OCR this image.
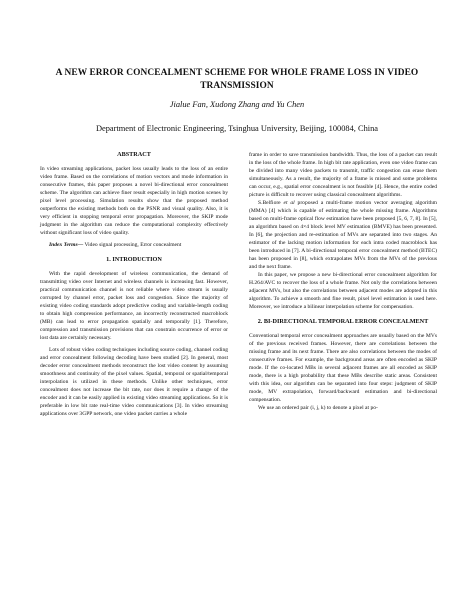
A NEW ERROR CONCEALMENT SCHEME FOR WHOLE FRAME LOSS IN VIDEO TRANSMISSION
Jialue Fan, Xudong Zhang and Yu Chen
Department of Electronic Engineering, Tsinghua University, Beijing, 100084, China
ABSTRACT

In video streaming applications, packet loss usually leads to the loss of an entire video frame. Based on the correlations of motion vectors and mode information in consecutive frames, this paper proposes a novel bi-directional error concealment scheme. The algorithm can achieve finer result especially in high motion scenes by pixel level processing. Simulation results show that the proposed method outperforms the existing methods both on the PSNR and visual quality. Also, it is very efficient in stopping temporal error propagation. Moreover, the SKIP mode judgment in the algorithm can reduce the computational complexity effectively without significant loss of video quality.

Index Terms— Video signal processing, Error concealment

1. INTRODUCTION

With the rapid development of wireless communication, the demand of transmitting video over Internet and wireless channels is increasing fast. However, practical communication channel is not reliable where video stream is usually corrupted by channel error, packet loss and congestion. Since the majority of existing video coding standards adopt predictive coding and variable-length coding to obtain high compression performance, an incorrectly reconstructed macroblock (MB) can lead to error propagation spatially and temporally [1]. Therefore, compression and transmission provisions that can constrain occurrence of error or lost data are certainly necessary.

Lots of robust video coding techniques including source coding, channel coding and error concealment following decoding have been studied [2]. In general, most decoder error concealment methods reconstruct the lost video content by assuming smoothness and continuity of the pixel values. Spatial, temporal or spatial/temporal interpolation is utilized in these methods. Unlike other techniques, error concealment does not increase the bit rate, nor does it require a change of the encoder and it can be easily applied in existing video streaming applications. So it is preferable in low bit rate real-time video communications [3]. In video streaming applications over 3GPP network, one video packet carries a whole

frame in order to save transmission bandwidth. Thus, the loss of a packet can result in the loss of the whole frame. In high bit rate application, even one video frame can be divided into many video packets to transmit, traffic congestion can erase them simultaneously. As a result, the majority of a frame is missed and some problems can occur, e.g., spatial error concealment is not feasible [4]. Hence, the entire coded picture is difficult to recover using classical concealment algorithms.

S.Belfiore et al proposed a multi-frame motion vector averaging algorithm (MMA) [4] which is capable of estimating the whole missing frame. Algorithms based on multi-frame optical flow estimation have been proposed [5, 6, 7, 8]. In [5], an algorithm based on 4×4 block level MV estimation (BMVE) has been presented. In [6], the projection and re-estimation of MVs are separated into two stages. An estimator of the lacking motion information for each intra coded macroblock has been introduced in [7]. A bi-directional temporal error concealment method (BTEC) has been proposed in [8], which extrapolates MVs from the MVs of the previous and the next frame.

In this paper, we propose a new bi-directional error concealment algorithm for H.264/AVC to recover the loss of a whole frame. Not only the correlations between adjacent MVs, but also the correlations between adjacent modes are adopted in this algorithm. To achieve a smooth and fine result, pixel level estimation is used here. Moreover, we introduce a bilinear interpolation scheme for compensation.

2. BI-DIRECTIONAL TEMPORAL ERROR CONCEALMENT

Conventional temporal error concealment approaches are usually based on the MVs of the previous received frames. However, there are correlations between the missing frame and its next frame. There are also correlations between the modes of consecutive frames. For example, the background areas are often encoded as SKIP mode. If the co-located MBs in several adjacent frames are all encoded as SKIP mode, there is a high probability that these MBs describe static areas. Consistent with this idea, our algorithm can be separated into four steps: judgment of SKIP mode, MV extrapolation, forward/backward estimation and bi-directional compensation.

We use an ordered pair (i, j, k) to denote a pixel at po-
